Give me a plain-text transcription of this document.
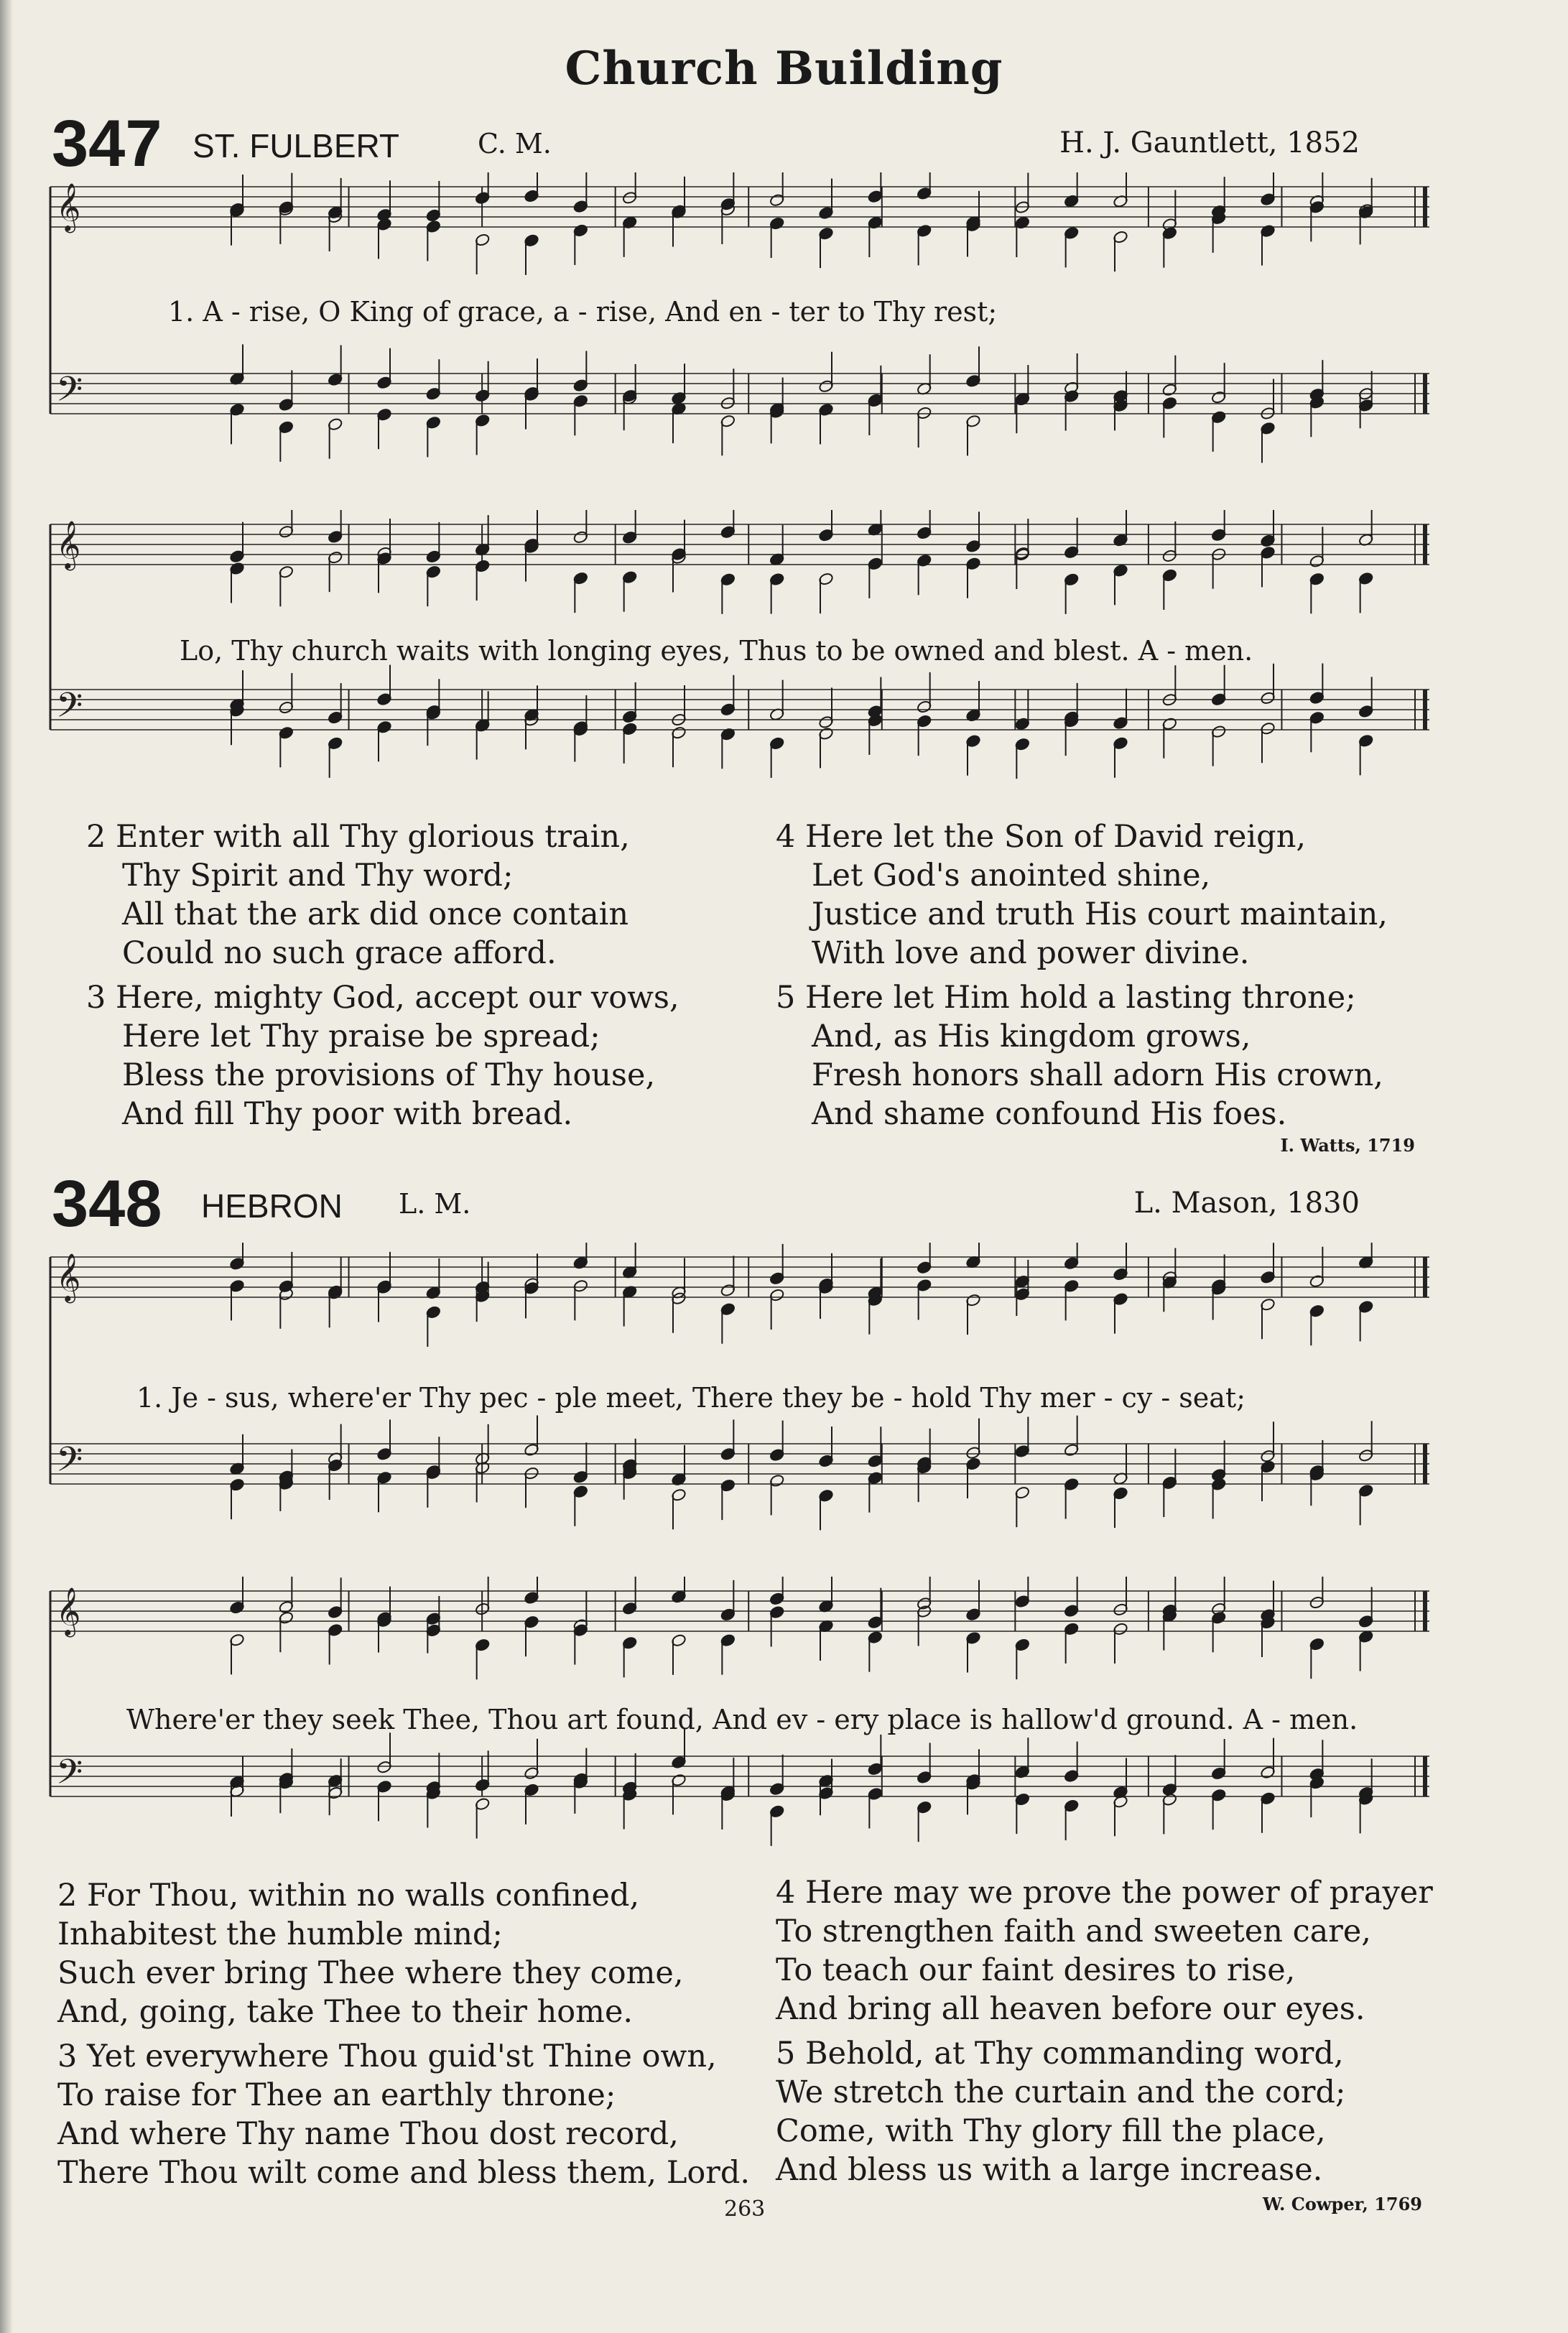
Church Building
347 ST. FULBERT	C. M.	H. J. Gauntlett, 1852
𝄞
𝄢
1. A - rise, O King of grace, a - rise, And en - ter to Thy rest;
𝄞
𝄢
Lo, Thy church waits with longing eyes, Thus to be owned and blest. A - men.
2 Enter with all Thy glorious train,
Thy Spirit and Thy word;
All that the ark did once contain
Could no such grace afford.
3 Here, mighty God, accept our vows,
Here let Thy praise be spread;
Bless the provisions of Thy house,
And fill Thy poor with bread.
4 Here let the Son of David reign,
Let God's anointed shine,
Justice and truth His court maintain,
With love and power divine.
5 Here let Him hold a lasting throne;
And, as His kingdom grows,
Fresh honors shall adorn His crown,
And shame confound His foes.
I. Watts, 1719
348 HEBRON L. M.	L. Mason, 1830
𝄞
𝄢
1. Je - sus, where'er Thy pec - ple meet, There they be - hold Thy mer - cy - seat;
𝄞
𝄢
Where'er they seek Thee, Thou art found, And ev - ery place is hallow'd ground. A - men.
2 For Thou, within no walls confined,
Inhabitest the humble mind;
Such ever bring Thee where they come,
And, going, take Thee to their home.
3 Yet everywhere Thou guid'st Thine own,
To raise for Thee an earthly throne;
And where Thy name Thou dost record,
There Thou wilt come and bless them, Lord.
4 Here may we prove the power of prayer
To strengthen faith and sweeten care,
To teach our faint desires to rise,
And bring all heaven before our eyes.
5 Behold, at Thy commanding word,
We stretch the curtain and the cord;
Come, with Thy glory fill the place,
And bless us with a large increase.
263	W. Cowper, 1769
